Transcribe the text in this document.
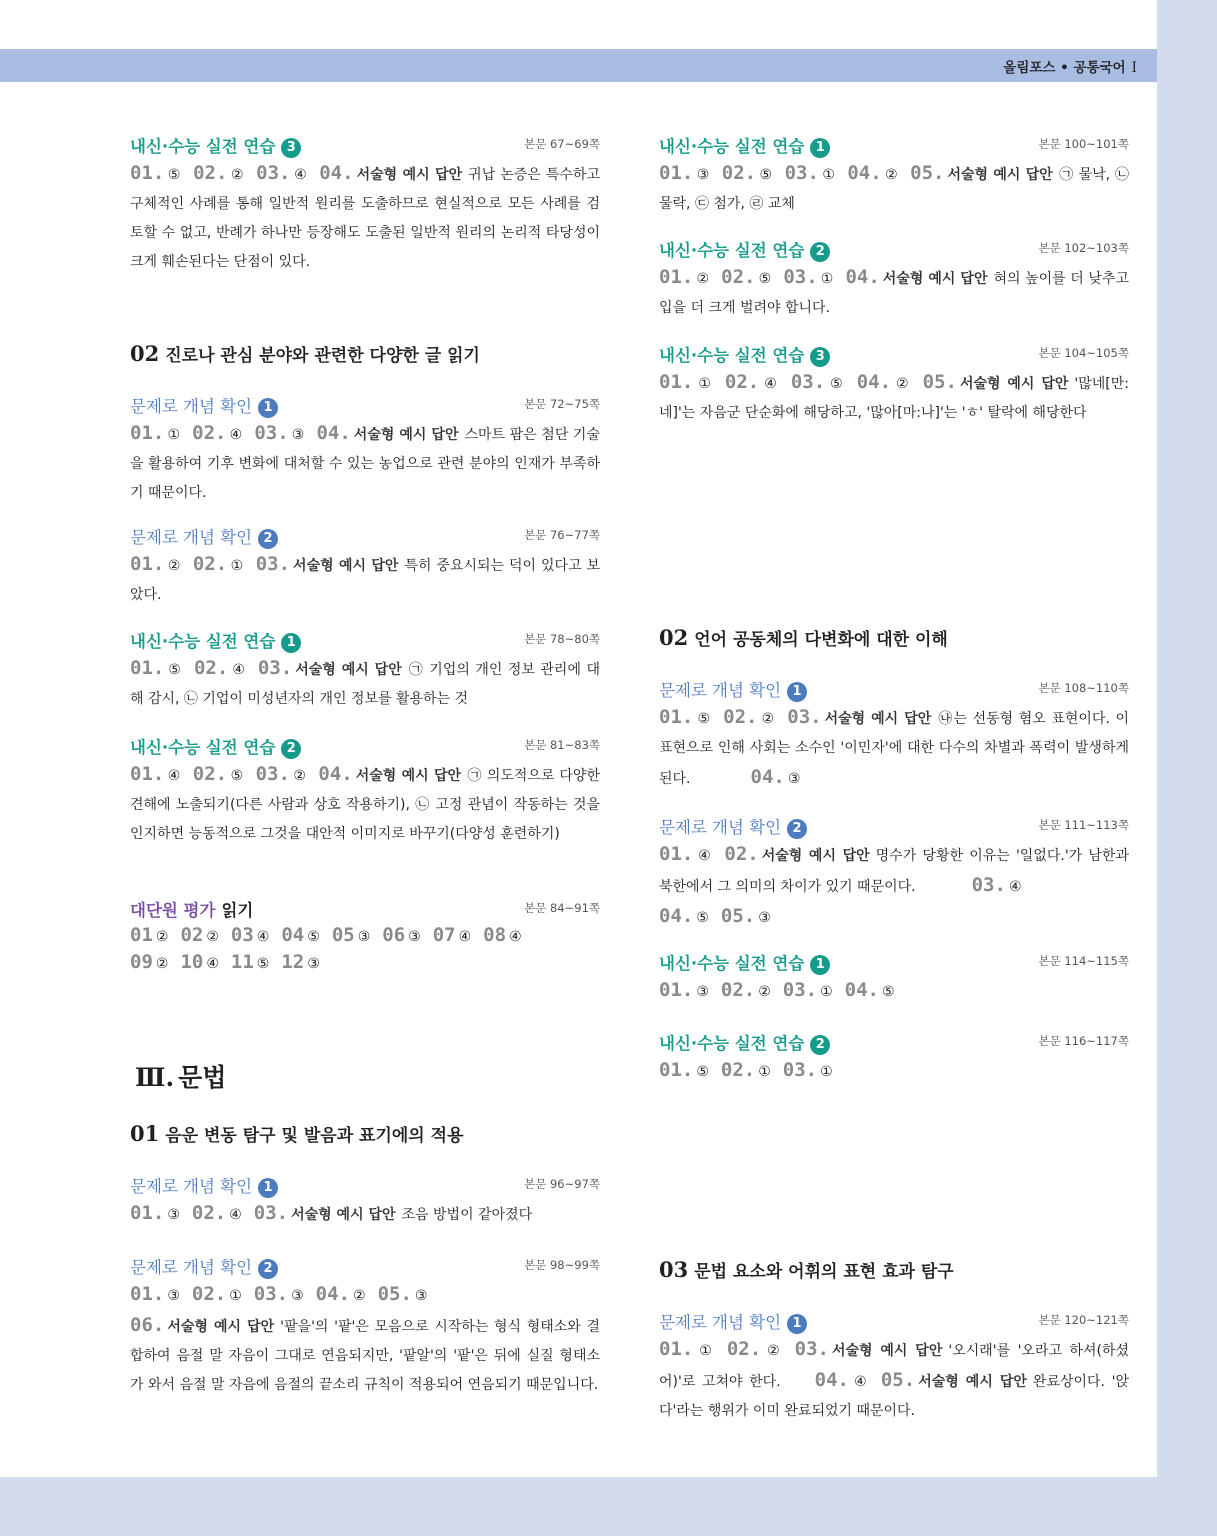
올림포스 • 공통국어 I
내신·수능 실전 연습 3	본문 67~69쪽
01. ⑤ 02. ② 03. ④ 04. 서술형 예시 답안 귀납 논증은 특수하고 구체적인 사례를 통해 일반적 원리를 도출하므로 현실적으로 모든 사례를 검토할 수 없고, 반례가 하나만 등장해도 도출된 일반적 원리의 논리적 타당성이 크게 훼손된다는 단점이 있다.
02 진로나 관심 분야와 관련한 다양한 글 읽기
문제로 개념 확인 1	본문 72~75쪽
01. ① 02. ④ 03. ③ 04. 서술형 예시 답안 스마트 팜은 첨단 기술을 활용하여 기후 변화에 대처할 수 있는 농업으로 관련 분야의 인재가 부족하기 때문이다.
문제로 개념 확인 2	본문 76~77쪽
01. ② 02. ① 03. 서술형 예시 답안 특히 중요시되는 덕이 있다고 보았다.
내신·수능 실전 연습 1	본문 78~80쪽
01. ⑤ 02. ④ 03. 서술형 예시 답안 ㉠ 기업의 개인 정보 관리에 대해 감시, ㉡ 기업이 미성년자의 개인 정보를 활용하는 것
내신·수능 실전 연습 2	본문 81~83쪽
01. ④ 02. ⑤ 03. ② 04. 서술형 예시 답안 ㉠ 의도적으로 다양한 견해에 노출되기(다른 사람과 상호 작용하기), ㉡ 고정 관념이 작동하는 것을 인지하면 능동적으로 그것을 대안적 이미지로 바꾸기(다양성 훈련하기)
대단원 평가 읽기	본문 84~91쪽
01 ② 02 ② 03 ④ 04 ⑤ 05 ③ 06 ③ 07 ④ 08 ④
09 ② 10 ④ 11 ⑤ 12 ③
Ⅲ. 문법
01 음운 변동 탐구 및 발음과 표기에의 적용
문제로 개념 확인 1	본문 96~97쪽
01. ③ 02. ④ 03. 서술형 예시 답안 조음 방법이 같아졌다
문제로 개념 확인 2	본문 98~99쪽
01. ③ 02. ① 03. ③ 04. ② 05. ③
06. 서술형 예시 답안 '팥을'의 '팥'은 모음으로 시작하는 형식 형태소와 결합하여 음절 말 자음이 그대로 연음되지만, '팥알'의 '팥'은 뒤에 실질 형태소가 와서 음절 말 자음에 음절의 끝소리 규칙이 적용되어 연음되기 때문입니다.
내신·수능 실전 연습 1	본문 100~101쪽
01. ③ 02. ⑤ 03. ① 04. ② 05. 서술형 예시 답안 ㉠ 물낙, ㉡ 물락, ㉢ 첨가, ㉣ 교체
내신·수능 실전 연습 2	본문 102~103쪽
01. ② 02. ⑤ 03. ① 04. 서술형 예시 답안 혀의 높이를 더 낮추고 입을 더 크게 벌려야 합니다.
내신·수능 실전 연습 3	본문 104~105쪽
01. ① 02. ④ 03. ⑤ 04. ② 05. 서술형 예시 답안 '많네[만:네]'는 자음군 단순화에 해당하고, '많아[마:나]'는 'ㅎ' 탈락에 해당한다
02 언어 공동체의 다변화에 대한 이해
문제로 개념 확인 1	본문 108~110쪽
01. ⑤ 02. ② 03. 서술형 예시 답안 ㉯는 선동형 혐오 표현이다. 이 표현으로 인해 사회는 소수인 '이민자'에 대한 다수의 차별과 폭력이 발생하게 된다.	04. ③
문제로 개념 확인 2	본문 111~113쪽
01. ④ 02. 서술형 예시 답안 명수가 당황한 이유는 '일없다.'가 남한과 북한에서 그 의미의 차이가 있기 때문이다.	03. ④
04. ⑤ 05. ③
내신·수능 실전 연습 1	본문 114~115쪽
01. ③ 02. ② 03. ① 04. ⑤
내신·수능 실전 연습 2	본문 116~117쪽
01. ⑤ 02. ① 03. ①
03 문법 요소와 어휘의 표현 효과 탐구
문제로 개념 확인 1	본문 120~121쪽
01. ① 02. ② 03. 서술형 예시 답안 '오시래'를 '오라고 하셔(하셨어)'로 고쳐야 한다. 04. ④ 05. 서술형 예시 답안 완료상이다. '앉다'라는 행위가 이미 완료되었기 때문이다.
